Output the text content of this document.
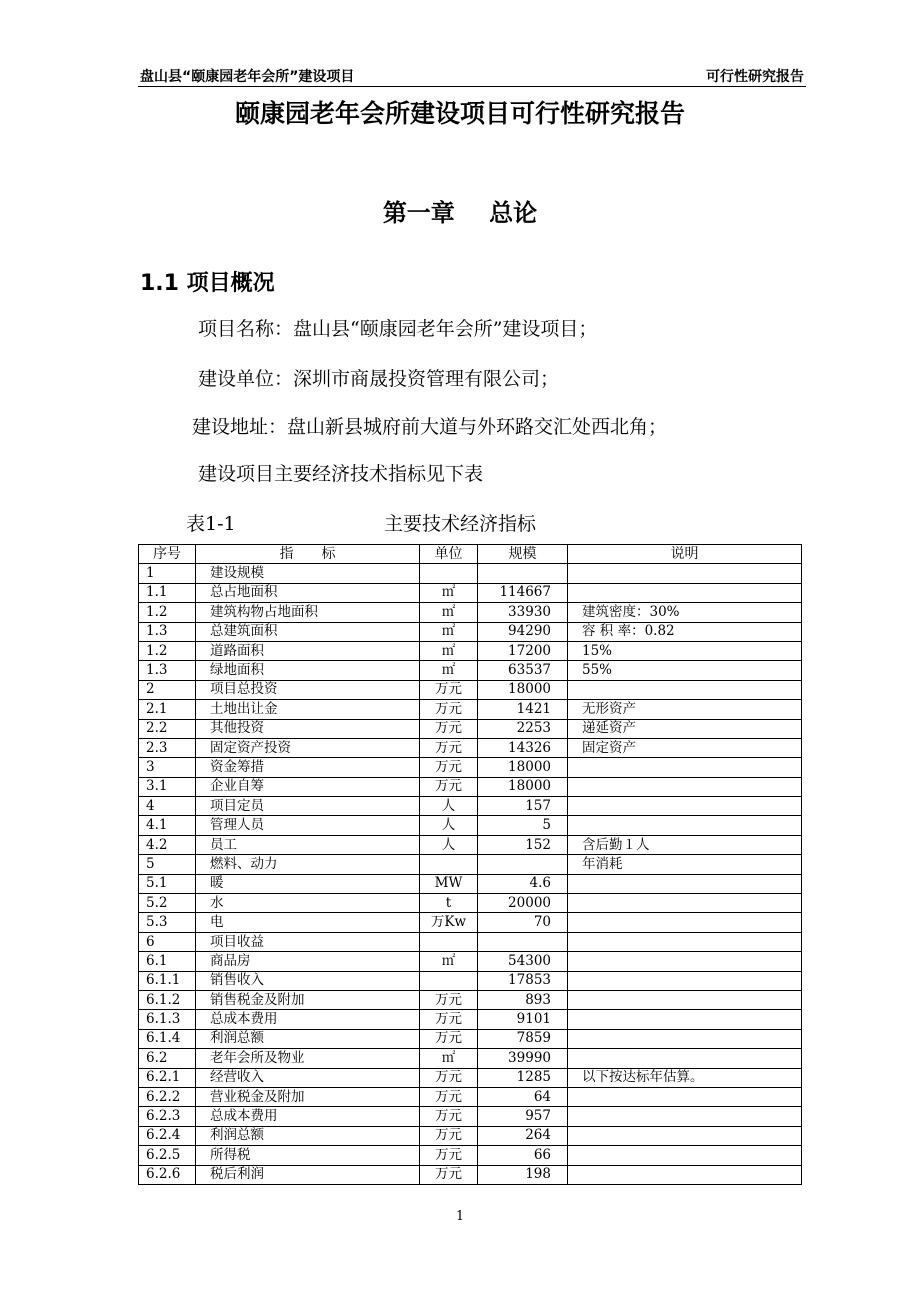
盘山县“颐康园老年会所”建设项目	可行性研究报告
颐康园老年会所建设项目可行性研究报告
第一章 总论
1.1 项目概况
项目名称：盘山县“颐康园老年会所”建设项目；
建设单位：深圳市商晟投资管理有限公司；
建设地址：盘山新县城府前大道与外环路交汇处西北角；
建设项目主要经济技术指标见下表
表1-1	主要技术经济指标
序号	指　　标	单位	规模	说明
1	建设规模			
1.1	总占地面积	㎡	114667	
1.2	建筑构物占地面积	㎡	33930	建筑密度：30%
1.3	总建筑面积	㎡	94290	容 积 率：0.82
1.2	道路面积	㎡	17200	15%
1.3	绿地面积	㎡	63537	55%
2	项目总投资	万元	18000	
2.1	土地出让金	万元	1421	无形资产
2.2	其他投资	万元	2253	递延资产
2.3	固定资产投资	万元	14326	固定资产
3	资金筹措	万元	18000	
3.1	企业自筹	万元	18000	
4	项目定员	人	157	
4.1	管理人员	人	5	
4.2	员工	人	152	含后勤１人
5	燃料、动力			年消耗
5.1	暖	MW	4.6	
5.2	水	t	20000	
5.3	电	万Kw	70	
6	项目收益			
6.1	商品房	㎡	54300	
6.1.1	销售收入		17853	
6.1.2	销售税金及附加	万元	893	
6.1.3	总成本费用	万元	9101	
6.1.4	利润总额	万元	7859	
6.2	老年会所及物业	㎡	39990	
6.2.1	经营收入	万元	1285	以下按达标年估算。
6.2.2	营业税金及附加	万元	64	
6.2.3	总成本费用	万元	957	
6.2.4	利润总额	万元	264	
6.2.5	所得税	万元	66	
6.2.6	税后利润	万元	198	
1
